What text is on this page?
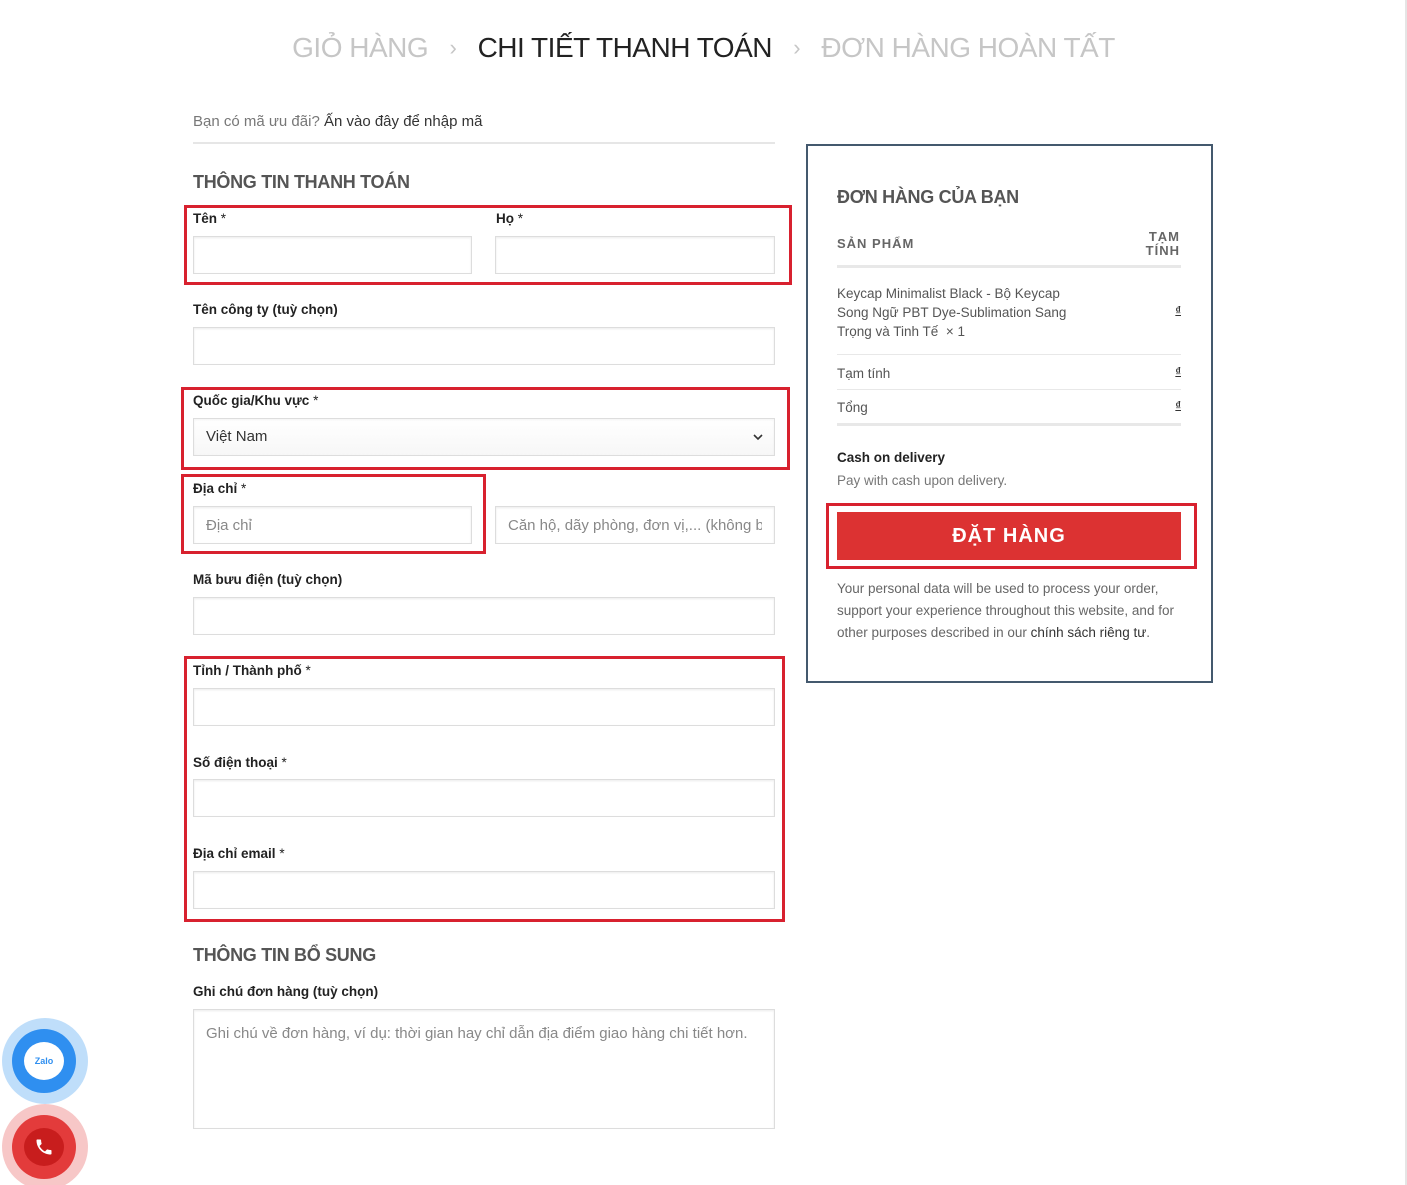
GIỎ HÀNG › CHI TIẾT THANH TOÁN › ĐƠN HÀNG HOÀN TẤT
Bạn có mã ưu đãi? Ấn vào đây để nhập mã
THÔNG TIN THANH TOÁN
Tên *	Họ *
Tên công ty (tuỳ chọn)
Quốc gia/Khu vực *
Việt Nam
Địa chỉ *
Địa chỉ
Căn hộ, dãy phòng, đơn vị,... (không bắt buộc)
Mã bưu điện (tuỳ chọn)
Tỉnh / Thành phố *
Số điện thoại *
Địa chỉ email *
THÔNG TIN BỔ SUNG
Ghi chú đơn hàng (tuỳ chọn)
Ghi chú về đơn hàng, ví dụ: thời gian hay chỉ dẫn địa điểm giao hàng chi tiết hơn.
ĐƠN HÀNG CỦA BẠN
SẢN PHẨM	TẠM
TÍNH
Keycap Minimalist Black - Bộ Keycap
Song Ngữ PBT Dye-Sublimation Sang
Trọng và Tinh Tế × 1
₫
Tạm tính	₫
Tổng	₫
Cash on delivery
Pay with cash upon delivery.
ĐẶT HÀNG
Your personal data will be used to process your order, support your experience throughout this website, and for other purposes described in our chính sách riêng tư.
Zalo
